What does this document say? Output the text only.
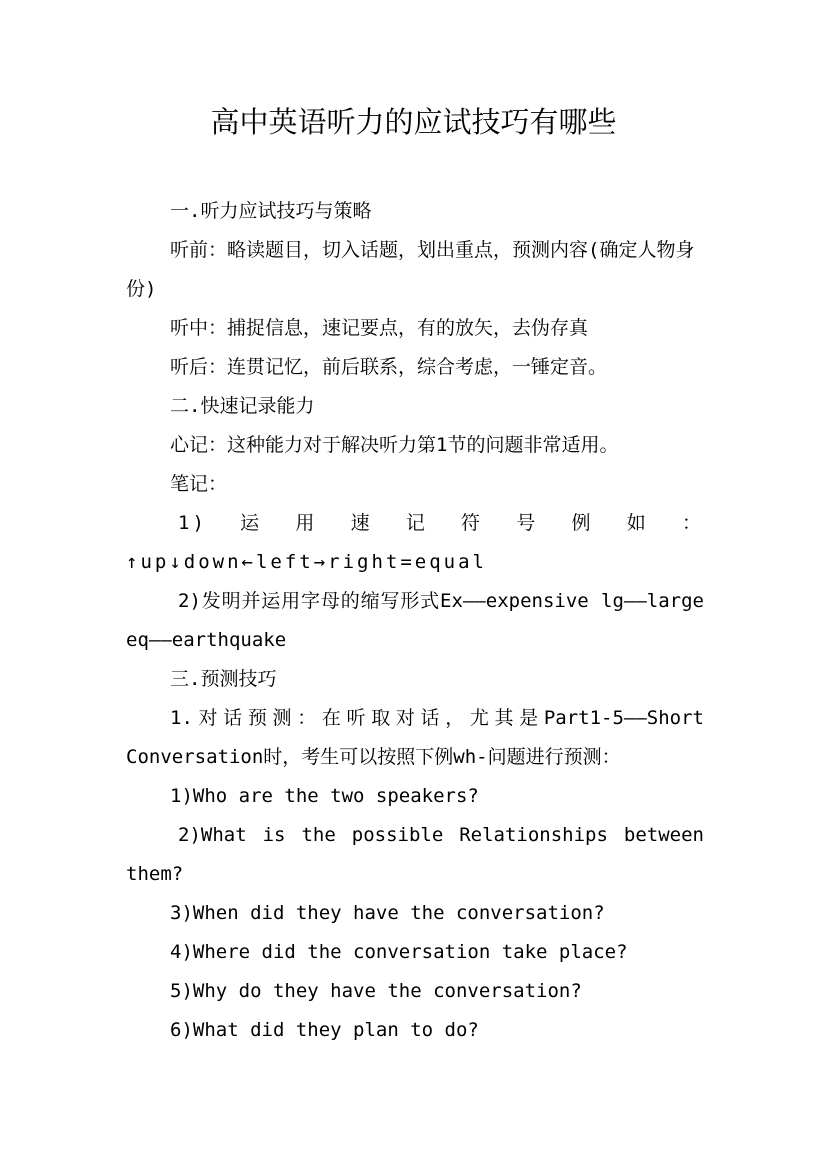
高中英语听力的应试技巧有哪些

一.听力应试技巧与策略

听前：略读题目，切入话题，划出重点，预测内容(确定人物身份)

听中：捕捉信息，速记要点，有的放矢，去伪存真

听后：连贯记忆，前后联系，综合考虑，一锤定音。

二.快速记录能力

心记：这种能力对于解决听力第1节的问题非常适用。

笔记：

1)运用速记符号例如：↑up↓down←left→right=equal

2)发明并运用字母的缩写形式Ex——expensive lg——large eq——earthquake

三.预测技巧

1.对话预测：在听取对话，尤其是Part1-5——Short Conversation时，考生可以按照下例wh-问题进行预测：

1)Who are the two speakers?

2)What is the possible Relationships between them?

3)When did they have the conversation?

4)Where did the conversation take place?

5)Why do they have the conversation?

6)What did they plan to do?
